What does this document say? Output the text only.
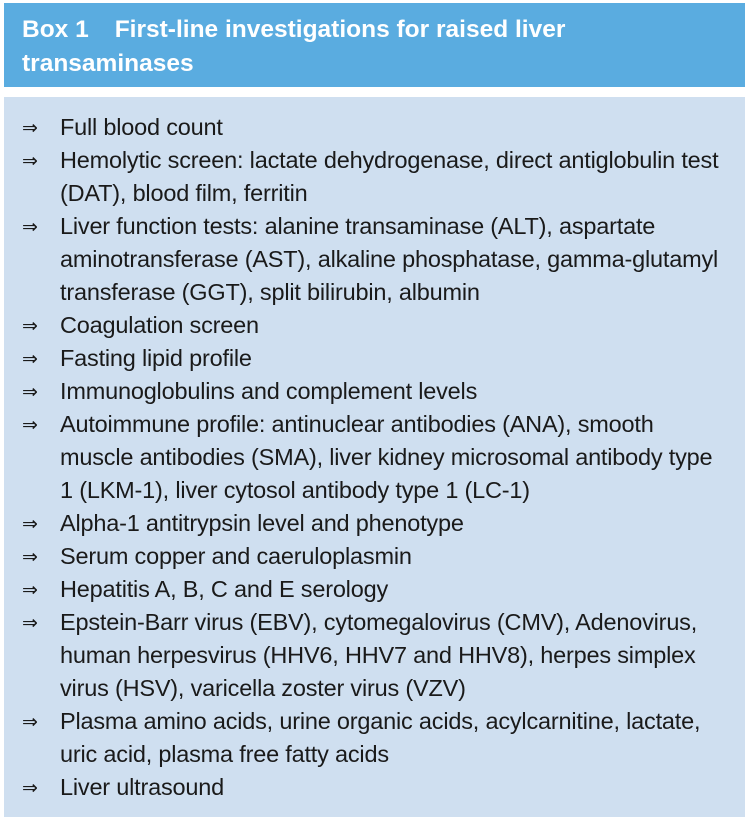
Box 1 First-line investigations for raised liver transaminases
⇒ Full blood count
⇒ Hemolytic screen: lactate dehydrogenase, direct antiglobulin test (DAT), blood film, ferritin
⇒ Liver function tests: alanine transaminase (ALT), aspartate aminotransferase (AST), alkaline phosphatase, gamma-glutamyl transferase (GGT), split bilirubin, albumin
⇒ Coagulation screen
⇒ Fasting lipid profile
⇒ Immunoglobulins and complement levels
⇒ Autoimmune profile: antinuclear antibodies (ANA), smooth muscle antibodies (SMA), liver kidney microsomal antibody type 1 (LKM-1), liver cytosol antibody type 1 (LC-1)
⇒ Alpha-1 antitrypsin level and phenotype
⇒ Serum copper and caeruloplasmin
⇒ Hepatitis A, B, C and E serology
⇒ Epstein-Barr virus (EBV), cytomegalovirus (CMV), Adenovirus, human herpesvirus (HHV6, HHV7 and HHV8), herpes simplex virus (HSV), varicella zoster virus (VZV)
⇒ Plasma amino acids, urine organic acids, acylcarnitine, lactate, uric acid, plasma free fatty acids
⇒ Liver ultrasound
